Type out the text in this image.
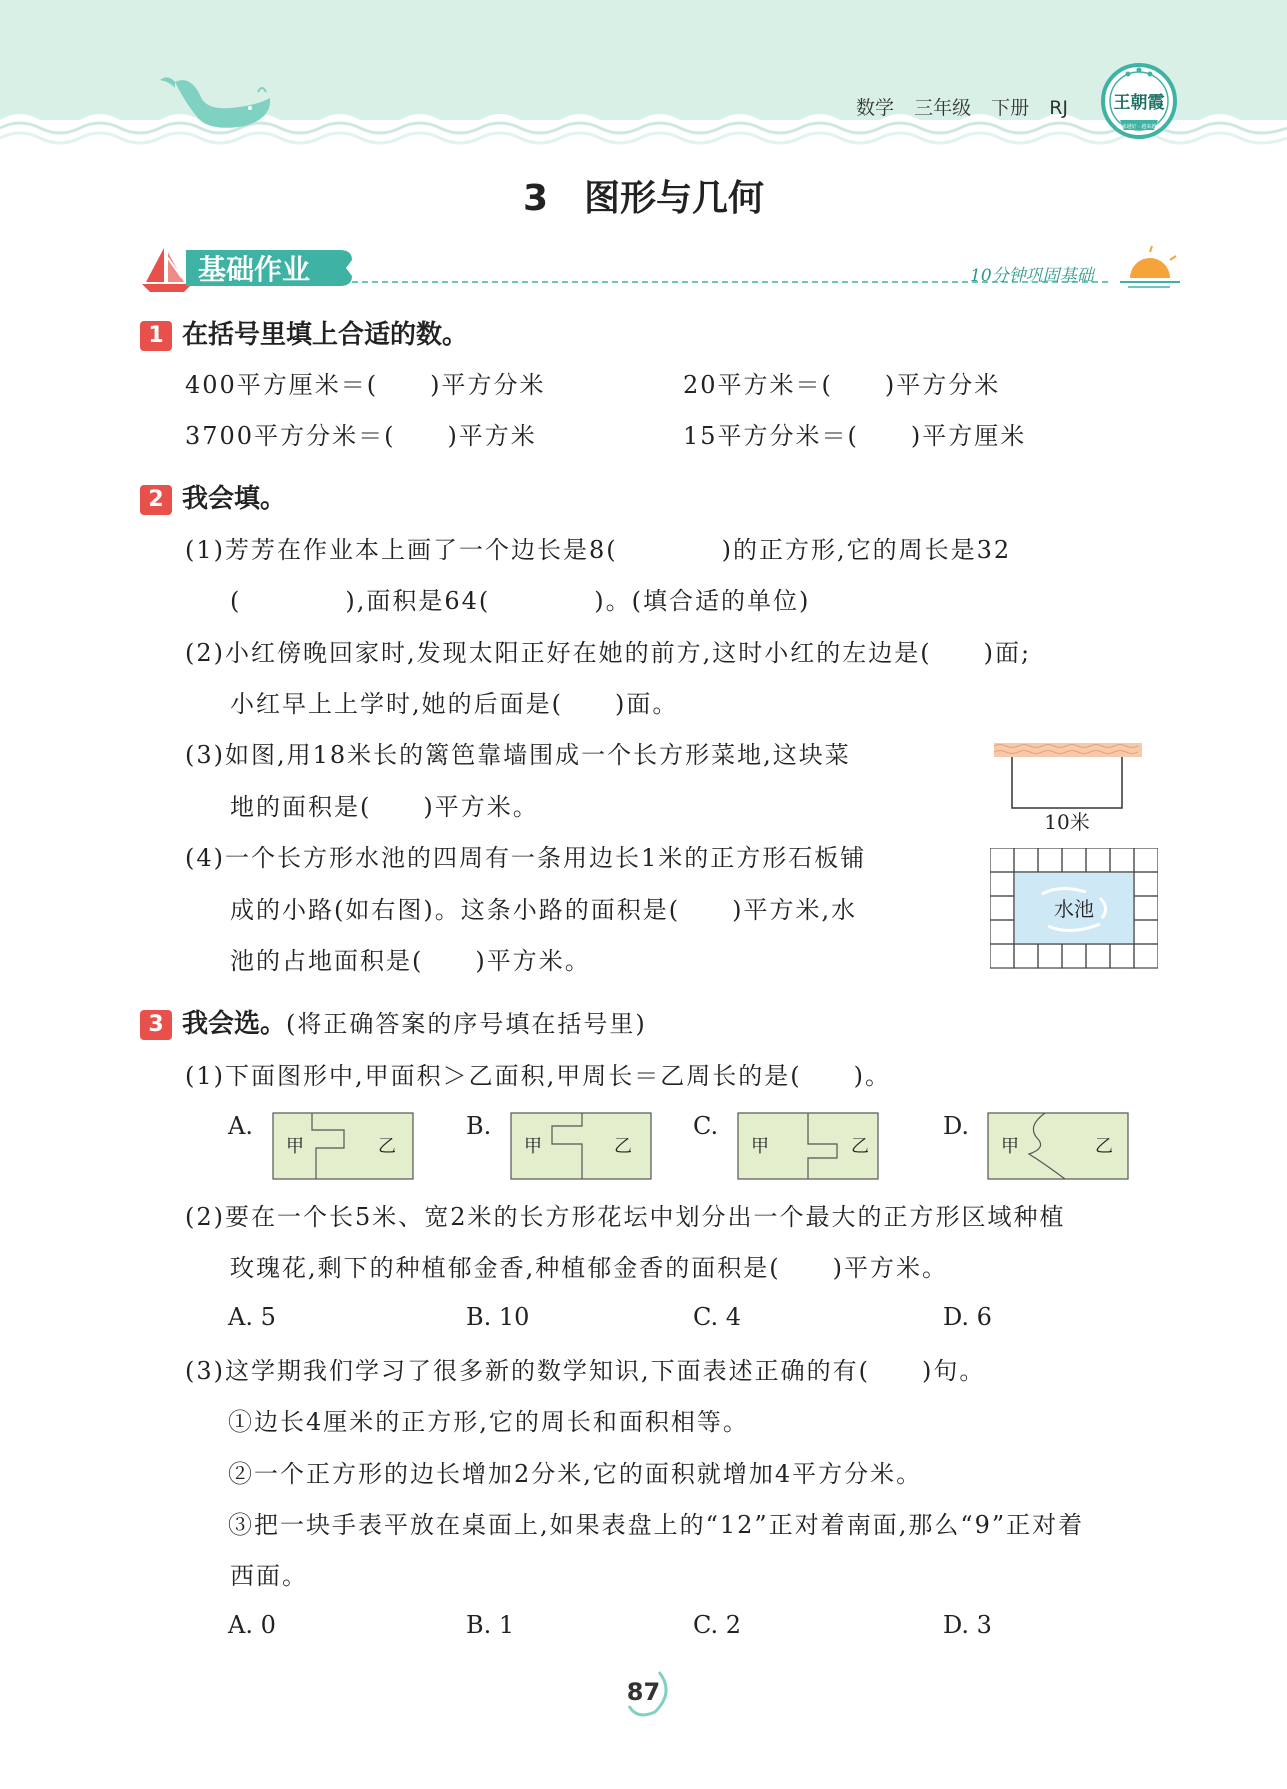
数学 三年级 下册 RJ	王朝霞
越来越好 · 越来越棒
3　图形与几何
基础作业	10分钟巩固基础
1 在括号里填上合适的数。
400平方厘米＝(　　)平方分米	20平方米＝(　　)平方分米
3700平方分米＝(　　)平方米	15平方分米＝(　　)平方厘米
2 我会填。
(1)芳芳在作业本上画了一个边长是8(　　　　)的正方形,它的周长是32
(　　　　),面积是64(　　　　)。(填合适的单位)
(2)小红傍晚回家时,发现太阳正好在她的前方,这时小红的左边是(　　)面;
小红早上上学时,她的后面是(　　)面。
(3)如图,用18米长的篱笆靠墙围成一个长方形菜地,这块菜
地的面积是(　　)平方米。
(4)一个长方形水池的四周有一条用边长1米的正方形石板铺
成的小路(如右图)。这条小路的面积是(　　)平方米,水
池的占地面积是(　　)平方米。
10米
水池
3 我会选。(将正确答案的序号填在括号里)
(1)下面图形中,甲面积＞乙面积,甲周长＝乙周长的是(　　)。
A.	B.	C.	D.
甲	乙	甲	乙	甲	乙	甲	乙
(2)要在一个长5米、宽2米的长方形花坛中划分出一个最大的正方形区域种植
玫瑰花,剩下的种植郁金香,种植郁金香的面积是(　　)平方米。
A. 5	B. 10	C. 4	D. 6
(3)这学期我们学习了很多新的数学知识,下面表述正确的有(　　)句。
①边长4厘米的正方形,它的周长和面积相等。
②一个正方形的边长增加2分米,它的面积就增加4平方分米。
③把一块手表平放在桌面上,如果表盘上的“12”正对着南面,那么“9”正对着
西面。
A. 0	B. 1	C. 2	D. 3
87
